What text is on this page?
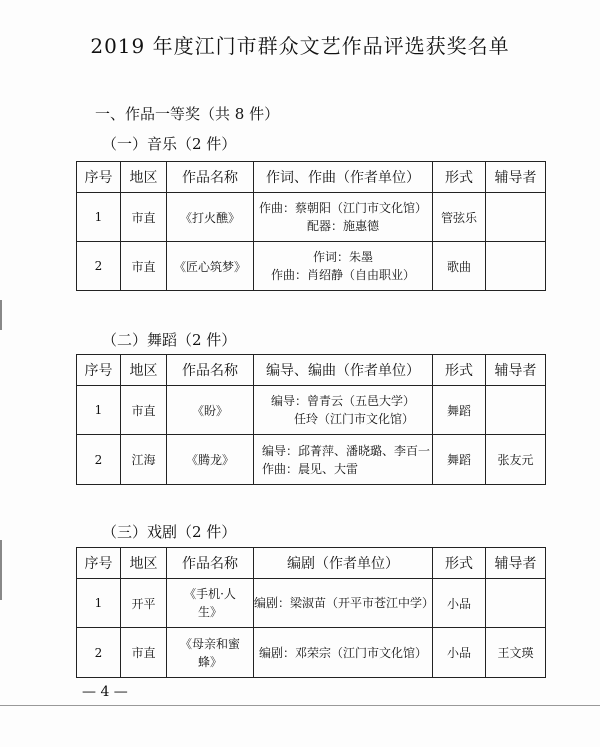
2019 年度江门市群众文艺作品评选获奖名单
一、作品一等奖（共 8 件）
（一）音乐（2 件）
序号	地区	作品名称	作词、作曲（作者单位）	形式	辅导者
1	市直	《打火醮》	作曲：蔡朝阳（江门市文化馆）
配器：施惠德	管弦乐	
2	市直	《匠心筑梦》	作词：朱墨
作曲：肖绍静（自由职业）	歌曲	
（二）舞蹈（2 件）
序号	地区	作品名称	编导、编曲（作者单位）	形式	辅导者
1	市直	《盼》	编导：曾青云（五邑大学）
任玲（江门市文化馆）	舞蹈	
2	江海	《腾龙》	编导：邱菁萍、潘晓璐、李百一
作曲：晨见、大雷	舞蹈	张友元
（三）戏剧（2 件）
序号	地区	作品名称	编剧（作者单位）	形式	辅导者
1	开平	《手机·人生》	编剧：梁淑苗（开平市苍江中学）	小品	
2	市直	《母亲和蜜蜂》	编剧：邓荣宗（江门市文化馆）	小品	王文瑛
— 4 —
